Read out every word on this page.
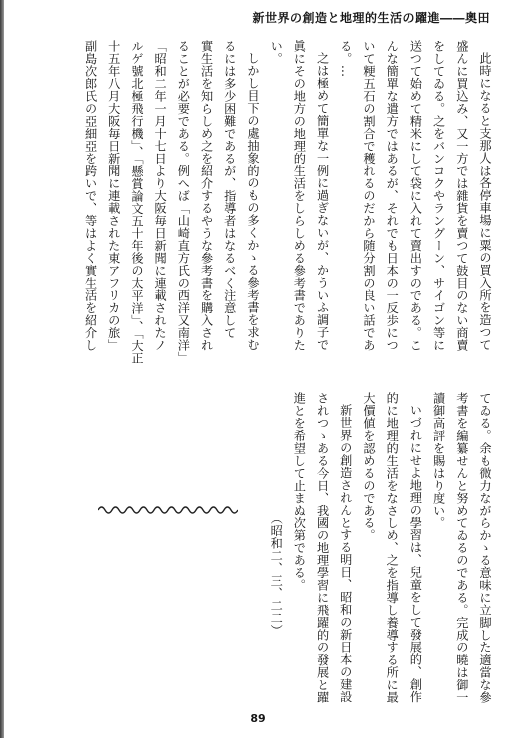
新世界の創造と地理的生活の躍進――奥田
此時になると支那人は各停車場に粟の買入所を造つて
盛んに買込み、又一方では雜貨を賣つて鼓目のない商賣
をしてゐる。之をバンコクやラングーン、サイゴン等に
送つて始めて精米にして袋に入れて賣出すのである。こ
んな簡單な遣方ではあるが、それでも日本の一反歩につ
いて粳五石の割合で穫れるのだから随分割の良い話であ
る。…
之は極めて簡單な一例に過ぎないが、かういふ調子で
眞にその地方の地理的生活をしらしめる參考書でありた
い。
しかし目下の處抽象的のもの多くかゝる參考書を求む
るには多少困難であるが、指導者はなるべく注意して
實生活を知らしめ之を紹介するやうな參考書を購入され
ることが必要である。例へば「山崎直方氏の西洋又南洋」
「昭和二年一月十七日より大阪毎日新聞に連載されたノ
ルゲ號北極飛行機」、「懸賞論文五十年後の太平洋」、「大正
十五年八月大阪毎日新聞に連載された東アフリカの旅」
副島次郎氏の亞細亞を跨いで、等はよく實生活を紹介し
てゐる。余も微力ながらかゝる意味に立脚した適當な參
考書を編纂せんと努めてゐるのである。完成の曉は御一
讀御高評を賜はり度い。
いづれにせよ地理の學習は、兒童をして發展的、創作
的に地理的生活をなさしめ、之を指導し養導する所に最
大價値を認めるのである。
新世界の創造されんとする明日、昭和の新日本の建設
されつゝある今日、我國の地理學習に飛躍的の發展と躍
進とを希望して止まぬ次第である。
（昭和二、三、二二）
89
